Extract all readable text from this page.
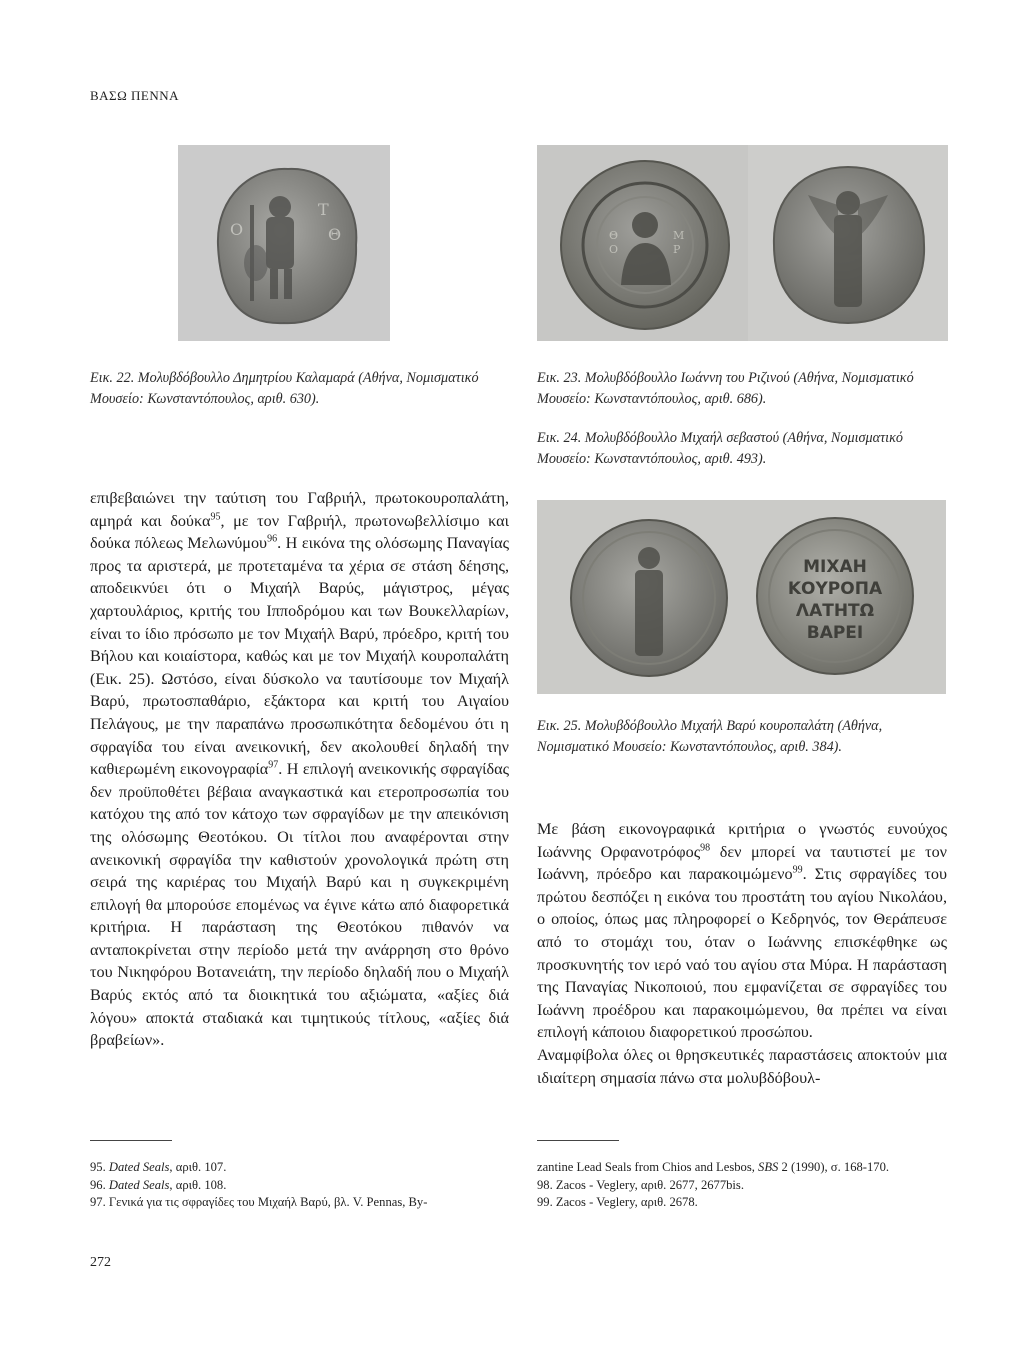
ΒΑΣΩ ΠΕΝΝΑ
Τ
Θ
Ο	Θ
Ο
Μ
Ρ
Εικ. 22. Μολυβδόβουλλο Δημητρίου Καλαμαρά (Αθήνα, Νομισματικό Μουσείο: Κωνσταντόπουλος, αριθ. 630).
Εικ. 23. Μολυβδόβουλλο Ιωάννη του Ριζινού (Αθήνα, Νομισματικό Μουσείο: Κωνσταντόπουλος, αριθ. 686).
Εικ. 24. Μολυβδόβουλλο Μιχαήλ σεβαστού (Αθήνα, Νομισματικό Μουσείο: Κωνσταντόπουλος, αριθ. 493).
ΜΙΧΑΗ
ΚΟΥΡΟΠΑ
ΛΑΤΗΤΩ
ΒΑΡΕΙ
Εικ. 25. Μολυβδόβουλλο Μιχαήλ Βαρύ κουροπαλάτη (Αθήνα, Νομισματικό Μουσείο: Κωνσταντόπουλος, αριθ. 384).

επιβεβαιώνει την ταύτιση του Γαβριήλ, πρωτοκουροπαλάτη, αμηρά και δούκα$^{95}$, με τον Γαβριήλ, πρωτονωβελλίσιμο και δούκα πόλεως Μελωνύμου$^{96}$. Η εικόνα της ολόσωμης Παναγίας προς τα αριστερά, με προτεταμένα τα χέρια σε στάση δέησης, αποδεικνύει ότι ο Μιχαήλ Βαρύς, μάγιστρος, μέγας χαρτουλάριος, κριτής του Ιπποδρόμου και των Βουκελλαρίων, είναι το ίδιο πρόσωπο με τον Μιχαήλ Βαρύ, πρόεδρο, κριτή του Βήλου και κοιαίστορα, καθώς και με τον Μιχαήλ κουροπαλάτη (Εικ. 25). Ωστόσο, είναι δύσκολο να ταυτίσουμε τον Μιχαήλ Βαρύ, πρωτοσπαθάριο, εξάκτορα και κριτή του Αιγαίου Πελάγους, με την παραπάνω προσωπικότητα δεδομένου ότι η σφραγίδα του είναι ανεικονική, δεν ακολουθεί δηλαδή την καθιερωμένη εικονογραφία$^{97}$. Η επιλογή ανεικονικής σφραγίδας δεν προϋποθέτει βέβαια αναγκαστικά και ετεροπροσωπία του κατόχου της από τον κάτοχο των σφραγίδων με την απεικόνιση της ολόσωμης Θεοτόκου. Οι τίτλοι που αναφέρονται στην ανεικονική σφραγίδα την καθιστούν χρονολογικά πρώτη στη σειρά της καριέρας του Μιχαήλ Βαρύ και η συγκεκριμένη επιλογή θα μπορούσε επομένως να έγινε κάτω από διαφορετικά κριτήρια. Η παράσταση της Θεοτόκου πιθανόν να ανταποκρίνεται στην περίοδο μετά την ανάρρηση στο θρόνο του Νικηφόρου Βοτανειάτη, την περίοδο δηλαδή που ο Μιχαήλ Βαρύς εκτός από τα διοικητικά του αξιώματα, «αξίες διά λόγου» αποκτά σταδιακά και τιμητικούς τίτλους, «αξίες διά βραβείων».

Με βάση εικονογραφικά κριτήρια ο γνωστός ευνούχος Ιωάννης Ορφανοτρόφος$^{98}$ δεν μπορεί να ταυτιστεί με τον Ιωάννη, πρόεδρο και παρακοιμώμενο$^{99}$. Στις σφραγίδες του πρώτου δεσπόζει η εικόνα του προστάτη του αγίου Νικολάου, ο οποίος, όπως μας πληροφορεί ο Κεδρηνός, τον Θεράπευσε από το στομάχι του, όταν ο Ιωάννης επισκέφθηκε ως προσκυνητής τον ιερό ναό του αγίου στα Μύρα. Η παράσταση της Παναγίας Νικοποιού, που εμφανίζεται σε σφραγίδες του Ιωάννη προέδρου και παρακοιμώμενου, θα πρέπει να είναι επιλογή κάποιου διαφορετικού προσώπου.

Αναμφίβολα όλες οι θρησκευτικές παραστάσεις αποκτούν μια ιδιαίτερη σημασία πάνω στα μολυβδόβουλ-

95. Dated Seals, αριθ. 107.
96. Dated Seals, αριθ. 108.
97. Γενικά για τις σφραγίδες του Μιχαήλ Βαρύ, βλ. V. Pennas, By-
zantine Lead Seals from Chios and Lesbos, SBS 2 (1990), σ. 168-170.
98. Zacos - Veglery, αριθ. 2677, 2677bis.
99. Zacos - Veglery, αριθ. 2678.
272
